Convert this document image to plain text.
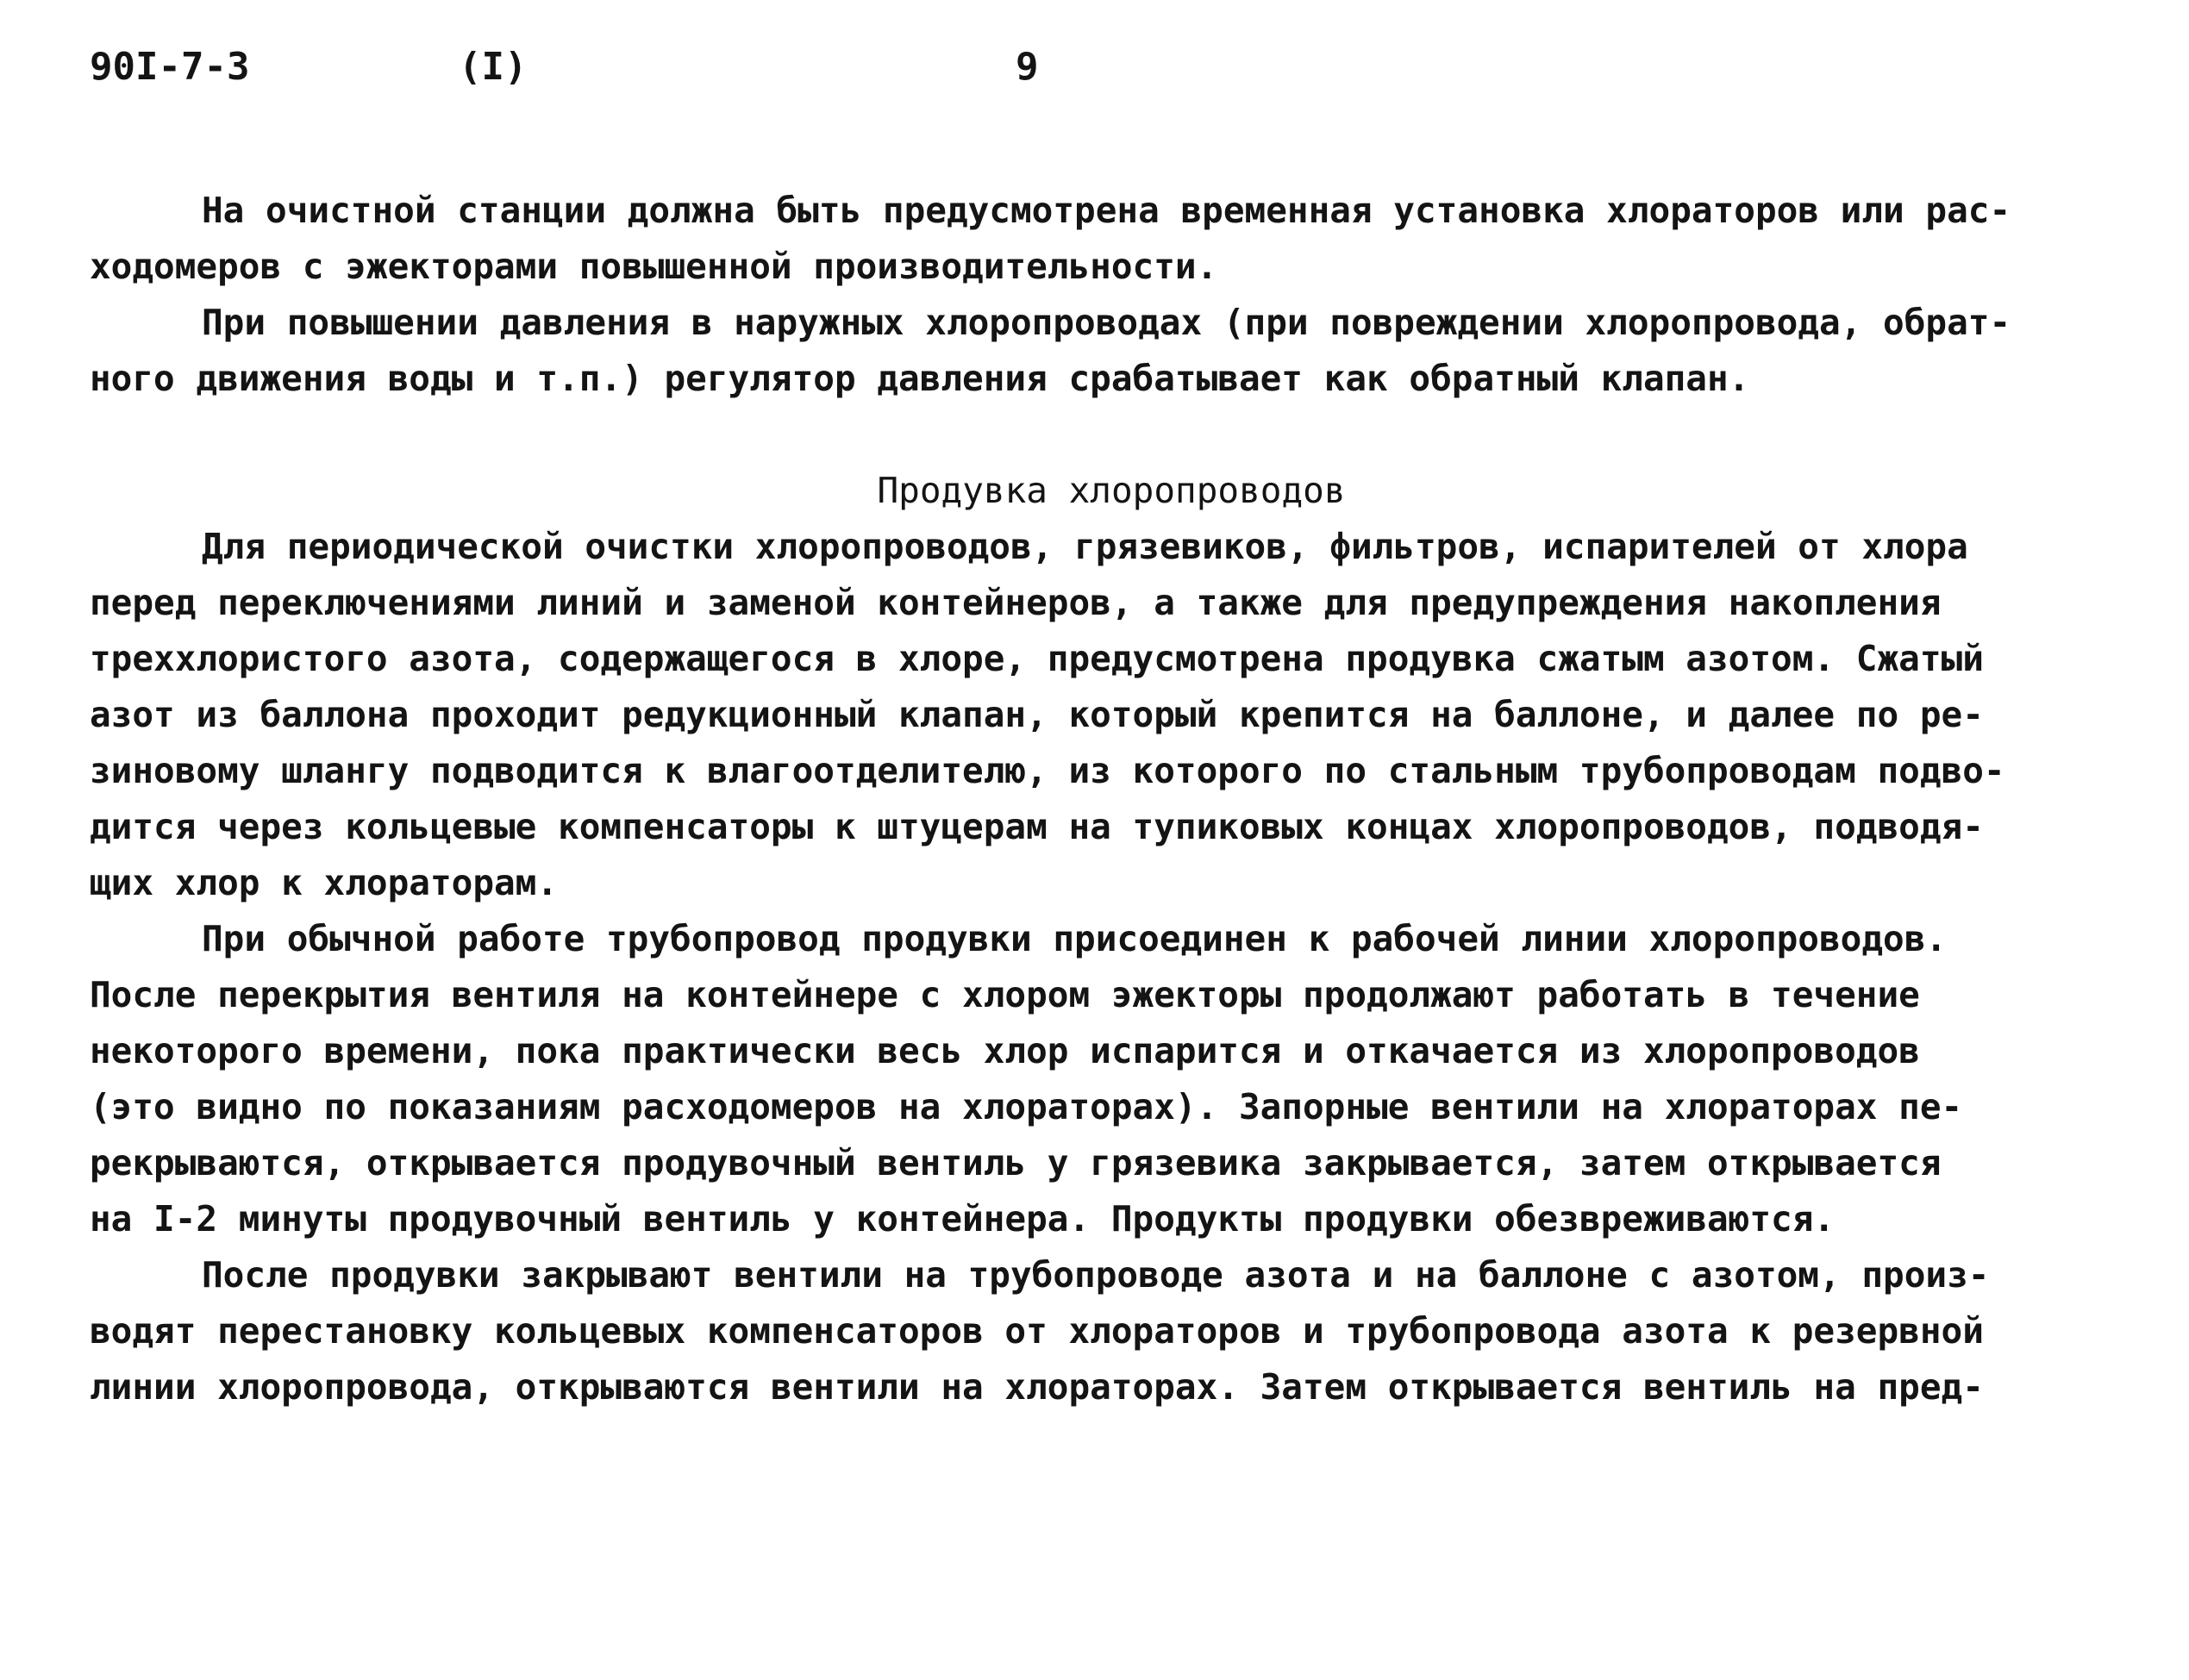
90I-7-3	(I)	9
На очистной станции должна быть предусмотрена временная установка хлораторов или рас-
ходомеров с эжекторами повышенной производительности.
При повышении давления в наружных хлоропроводах (при повреждении хлоропровода, обрат-
ного движения воды и т.п.) регулятор давления срабатывает как обратный клапан.
Продувка хлоропроводов
Для периодической очистки хлоропроводов, грязевиков, фильтров, испарителей от хлора
перед переключениями линий и заменой контейнеров, а также для предупреждения накопления
треххлористого азота, содержащегося в хлоре, предусмотрена продувка сжатым азотом. Сжатый
азот из баллона проходит редукционный клапан, который крепится на баллоне, и далее по ре-
зиновому шлангу подводится к влагоотделителю, из которого по стальным трубопроводам подво-
дится через кольцевые компенсаторы к штуцерам на тупиковых концах хлоропроводов, подводя-
щих хлор к хлораторам.
При обычной работе трубопровод продувки присоединен к рабочей линии хлоропроводов.
После перекрытия вентиля на контейнере с хлором эжекторы продолжают работать в течение
некоторого времени, пока практически весь хлор испарится и откачается из хлоропроводов
(это видно по показаниям расходомеров на хлораторах). Запорные вентили на хлораторах пе-
рекрываются, открывается продувочный вентиль у грязевика закрывается, затем открывается
на I-2 минуты продувочный вентиль у контейнера. Продукты продувки обезвреживаются.
После продувки закрывают вентили на трубопроводе азота и на баллоне с азотом, произ-
водят перестановку кольцевых компенсаторов от хлораторов и трубопровода азота к резервной
линии хлоропровода, открываются вентили на хлораторах. Затем открывается вентиль на пред-
